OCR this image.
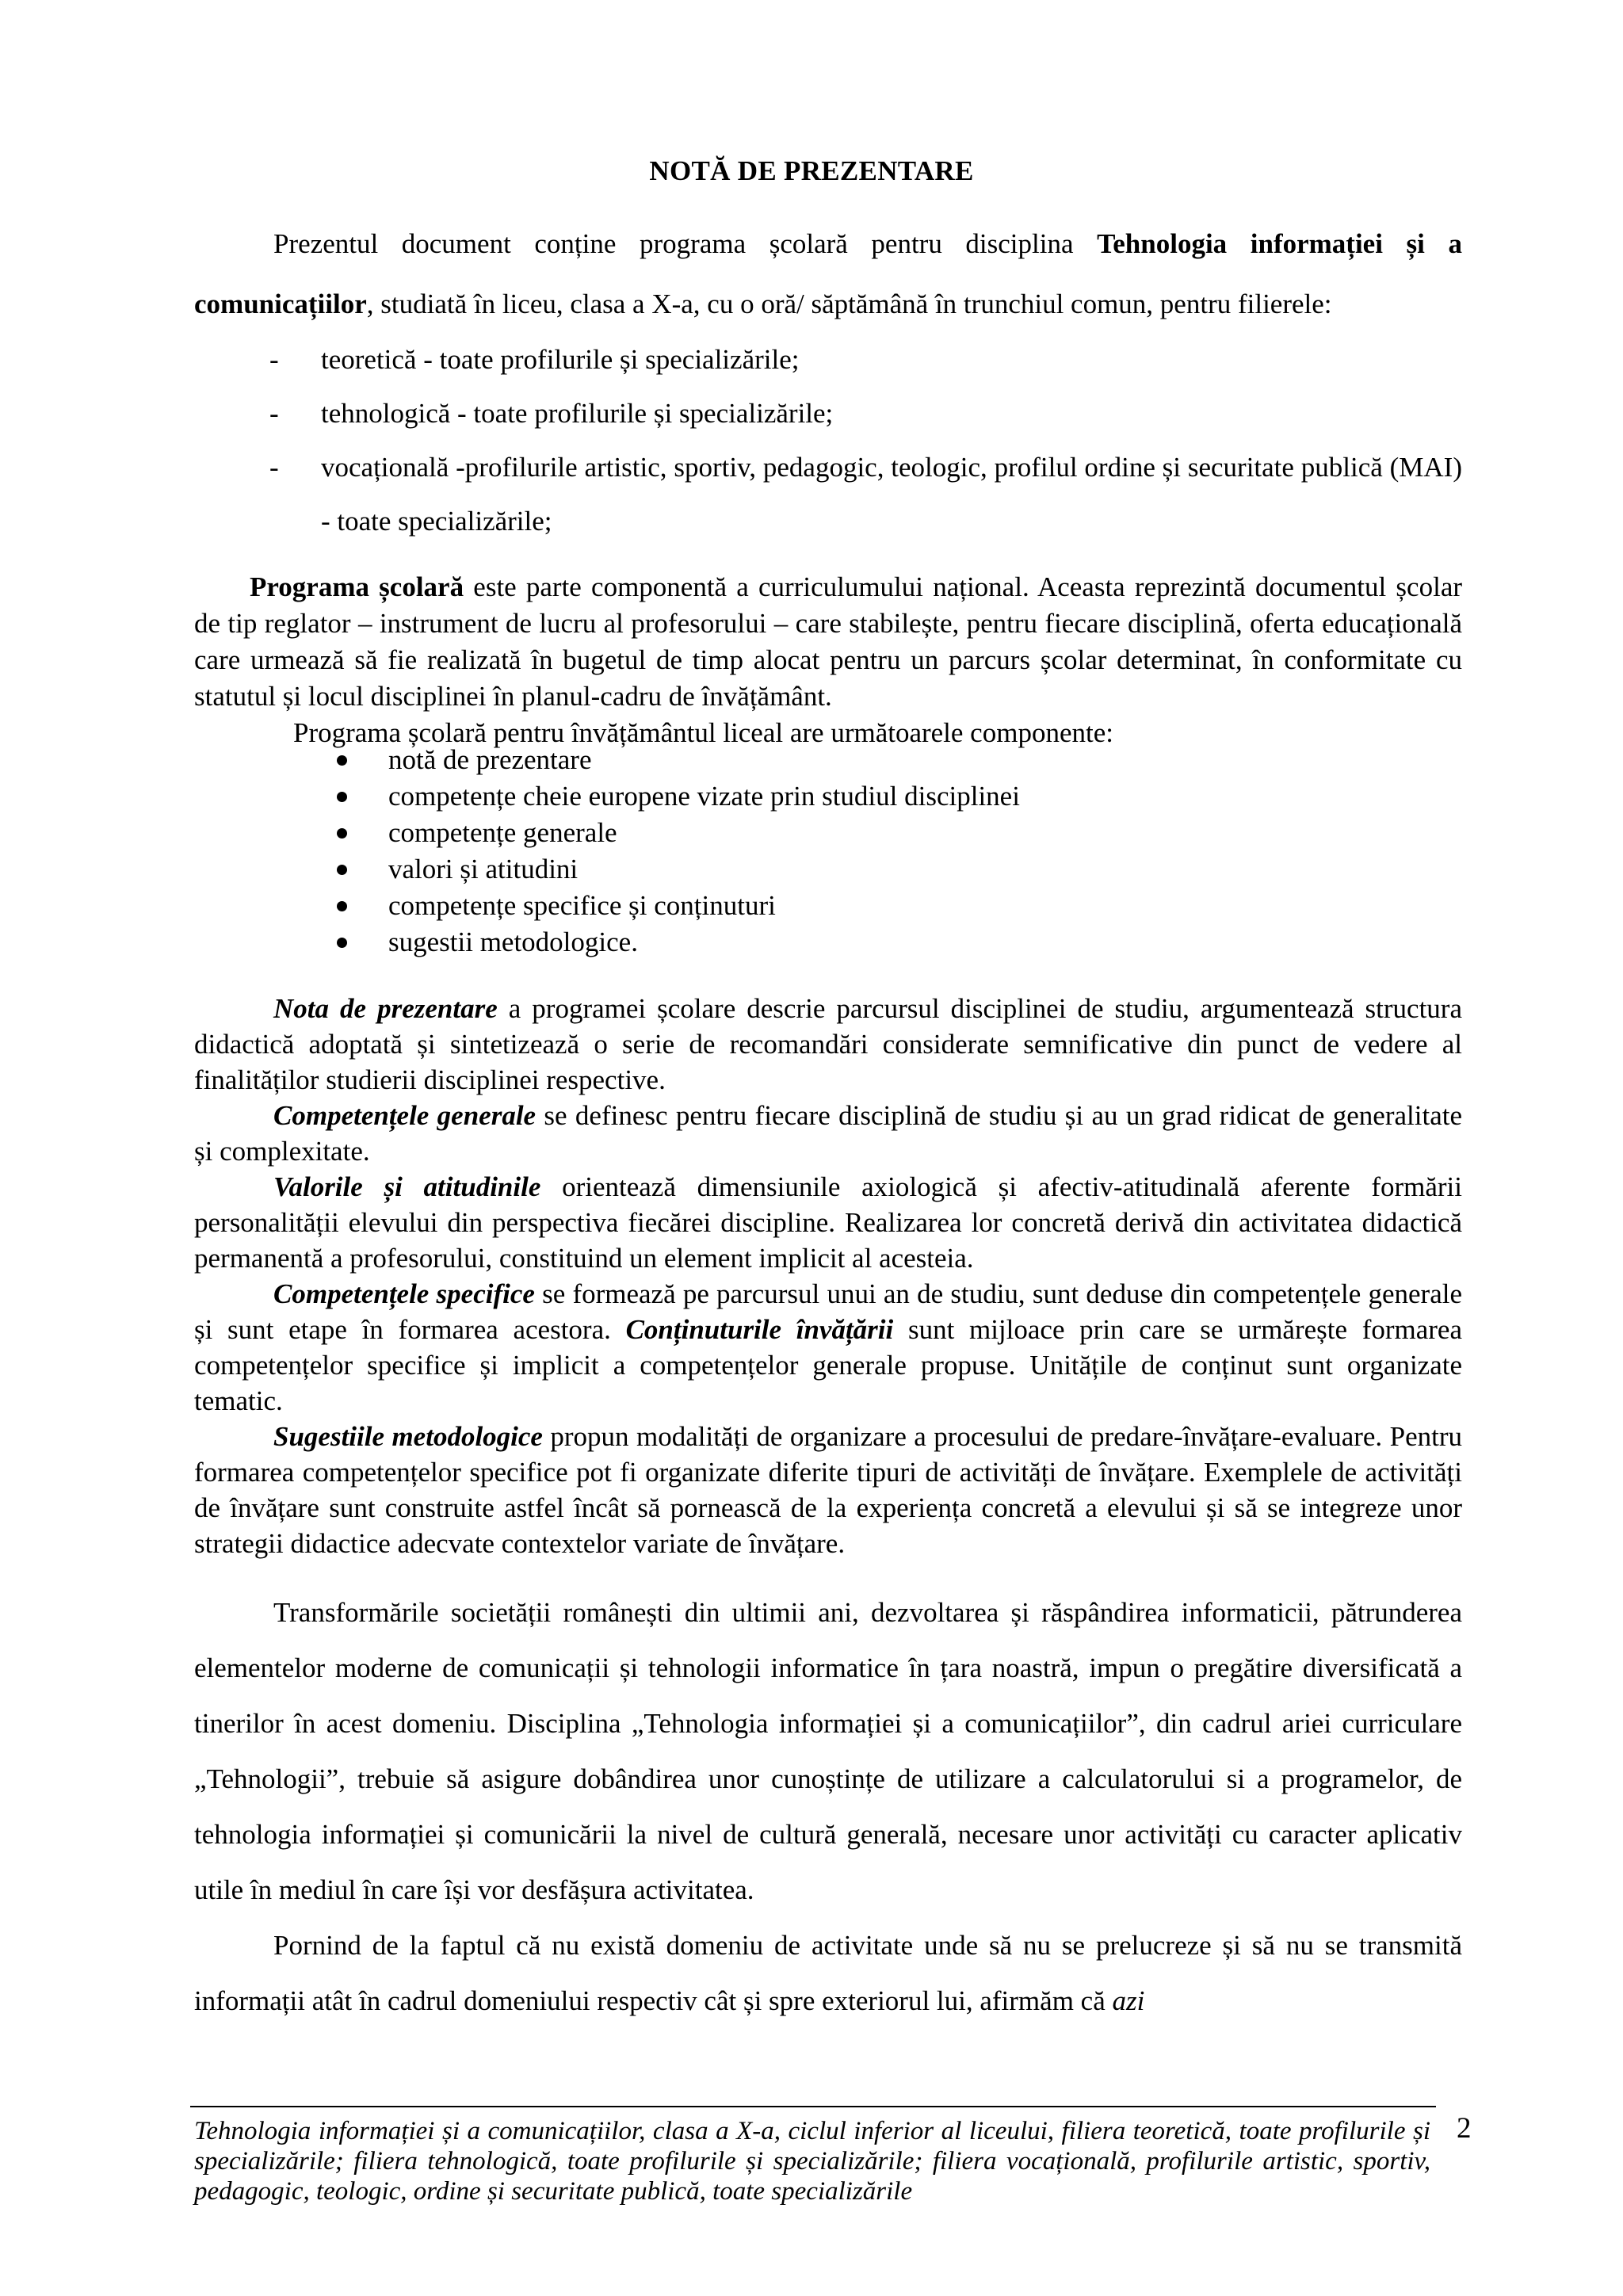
NOTĂ DE PREZENTARE

Prezentul document conține programa școlară pentru disciplina Tehnologia informației și a comunicațiilor, studiată în liceu, clasa a X-a, cu o oră/ săptămână în trunchiul comun, pentru filierele:

- teoretică - toate profilurile și specializările;
- tehnologică - toate profilurile și specializările;
- vocațională -profilurile artistic, sportiv, pedagogic, teologic, profilul ordine și securitate publică (MAI) - toate specializările;
Programa școlară este parte componentă a curriculumului național. Aceasta reprezintă documentul școlar de tip reglator – instrument de lucru al profesorului – care stabilește, pentru fiecare disciplină, oferta educațională care urmează să fie realizată în bugetul de timp alocat pentru un parcurs școlar determinat, în conformitate cu statutul și locul disciplinei în planul-cadru de învățământ.
Programa școlară pentru învățământul liceal are următoarele componente:
notă de prezentare
competențe cheie europene vizate prin studiul disciplinei
competențe generale
valori și atitudini
competențe specifice și conținuturi
sugestii metodologice.

Nota de prezentare a programei școlare descrie parcursul disciplinei de studiu, argumentează structura didactică adoptată și sintetizează o serie de recomandări considerate semnificative din punct de vedere al finalităților studierii disciplinei respective.

Competențele generale se definesc pentru fiecare disciplină de studiu și au un grad ridicat de generalitate și complexitate.

Valorile și atitudinile orientează dimensiunile axiologică și afectiv-atitudinală aferente formării personalității elevului din perspectiva fiecărei discipline. Realizarea lor concretă derivă din activitatea didactică permanentă a profesorului, constituind un element implicit al acesteia.

Competențele specifice se formează pe parcursul unui an de studiu, sunt deduse din competențele generale și sunt etape în formarea acestora. Conținuturile învățării sunt mijloace prin care se urmărește formarea competențelor specifice și implicit a competențelor generale propuse. Unitățile de conținut sunt organizate tematic.

Sugestiile metodologice propun modalități de organizare a procesului de predare-învățare-evaluare. Pentru formarea competențelor specifice pot fi organizate diferite tipuri de activități de învățare. Exemplele de activități de învățare sunt construite astfel încât să pornească de la experiența concretă a elevului și să se integreze unor strategii didactice adecvate contextelor variate de învățare.

Transformările societății românești din ultimii ani, dezvoltarea și răspândirea informaticii, pătrunderea elementelor moderne de comunicații și tehnologii informatice în țara noastră, impun o pregătire diversificată a tinerilor în acest domeniu. Disciplina „Tehnologia informației și a comunicațiilor”, din cadrul ariei curriculare „Tehnologii”, trebuie să asigure dobândirea unor cunoștințe de utilizare a calculatorului si a programelor, de tehnologia informației și comunicării la nivel de cultură generală, necesare unor activități cu caracter aplicativ utile în mediul în care își vor desfășura activitatea.

Pornind de la faptul că nu există domeniu de activitate unde să nu se prelucreze și să nu se transmită informații atât în cadrul domeniului respectiv cât și spre exteriorul lui, afirmăm că azi

Tehnologia informației și a comunicațiilor, clasa a X-a, ciclul inferior al liceului, filiera teoretică, toate profilurile și specializările; filiera tehnologică, toate profilurile și specializările; filiera vocațională, profilurile artistic, sportiv, pedagogic, teologic, ordine și securitate publică, toate specializările
2
